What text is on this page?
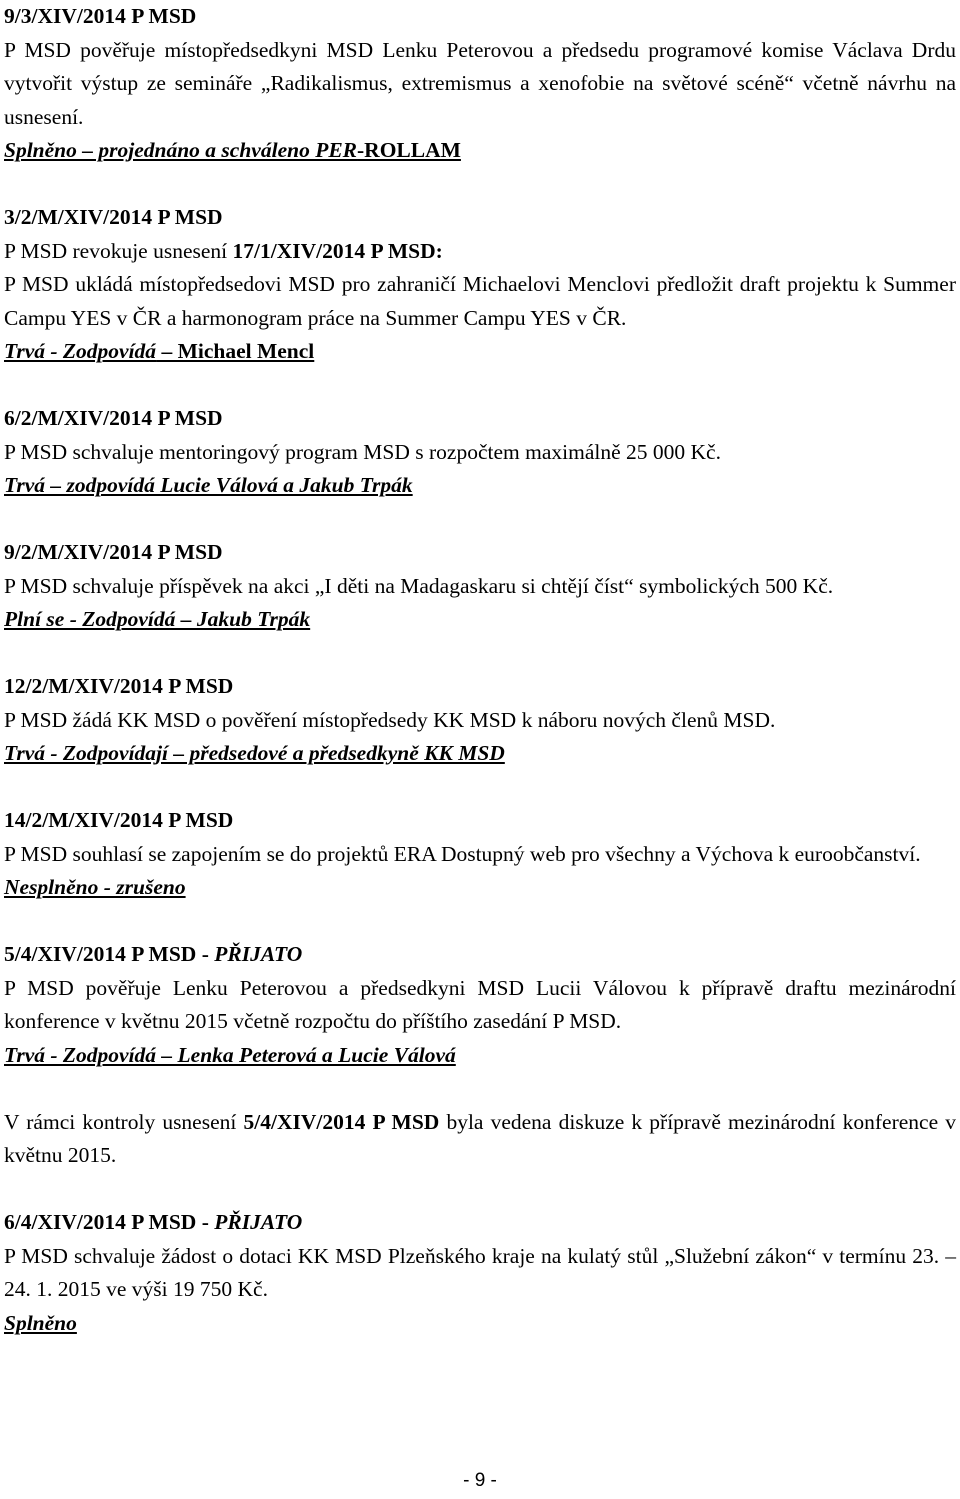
9/3/XIV/2014 P MSD
P MSD pověřuje místopředsedkyni MSD Lenku Peterovou a předsedu programové komise Václava Drdu vytvořit výstup ze semináře „Radikalismus, extremismus a xenofobie na světové scéně“ včetně návrhu na usnesení.
Splněno – projednáno a schváleno PER-ROLLAM
3/2/M/XIV/2014 P MSD
P MSD revokuje usnesení 17/1/XIV/2014 P MSD:
P MSD ukládá místopředsedovi MSD pro zahraničí Michaelovi Menclovi předložit draft projektu k Summer Campu YES v ČR a harmonogram práce na Summer Campu YES v ČR.
Trvá - Zodpovídá – Michael Mencl
6/2/M/XIV/2014 P MSD
P MSD schvaluje mentoringový program MSD s rozpočtem maximálně 25 000 Kč.
Trvá – zodpovídá Lucie Válová a Jakub Trpák
9/2/M/XIV/2014 P MSD
P MSD schvaluje příspěvek na akci „I děti na Madagaskaru si chtějí číst“ symbolických 500 Kč.
Plní se - Zodpovídá – Jakub Trpák
12/2/M/XIV/2014 P MSD
P MSD žádá KK MSD o pověření místopředsedy KK MSD k náboru nových členů MSD.
Trvá - Zodpovídají – předsedové a předsedkyně KK MSD
14/2/M/XIV/2014 P MSD
P MSD souhlasí se zapojením se do projektů ERA Dostupný web pro všechny a Výchova k euroobčanství.
Nesplněno - zrušeno
5/4/XIV/2014 P MSD - PŘIJATO
P MSD pověřuje Lenku Peterovou a předsedkyni MSD Lucii Válovou k přípravě draftu mezinárodní konference v květnu 2015 včetně rozpočtu do příštího zasedání P MSD.
Trvá - Zodpovídá – Lenka Peterová a Lucie Válová
V rámci kontroly usnesení 5/4/XIV/2014 P MSD byla vedena diskuze k přípravě mezinárodní konference v květnu 2015.
6/4/XIV/2014 P MSD - PŘIJATO
P MSD schvaluje žádost o dotaci KK MSD Plzeňského kraje na kulatý stůl „Služební zákon“ v termínu 23. – 24. 1. 2015 ve výši 19 750 Kč.
Splněno
- 9 -
